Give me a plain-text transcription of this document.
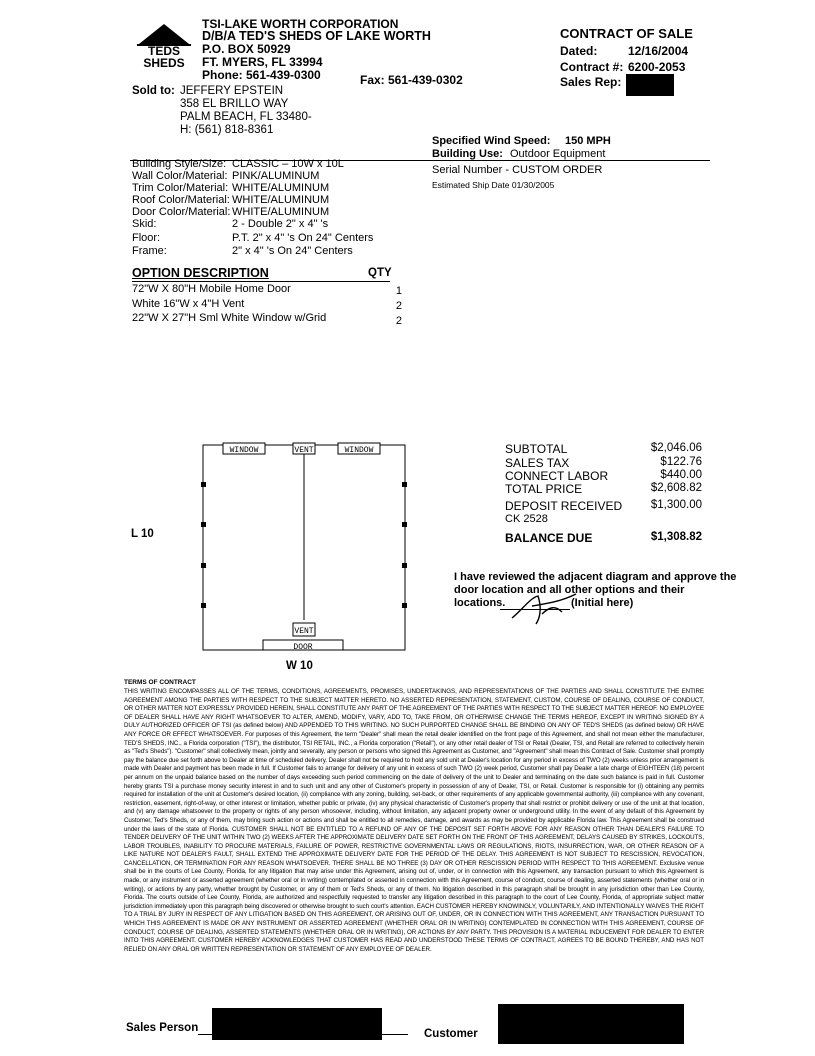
TEDS
SHEDS
TSI-LAKE WORTH CORPORATION
D/B/A TED'S SHEDS OF LAKE WORTH
P.O. BOX 50929
FT. MYERS, FL 33994
Phone: 561-439-0300	Fax: 561-439-0302
CONTRACT OF SALE
Dated:	12/16/2004
Contract #: 6200-2053
Sales Rep:
Sold to: JEFFERY EPSTEIN
358 EL BRILLO WAY
PALM BEACH, FL 33480-
H: (561) 818-8361
Specified Wind Speed: 150 MPH
Building Use: Outdoor Equipment
Building Style/Size: CLASSIC – 10W x 10L
Wall Color/Material: PINK/ALUMINUM
Trim Color/Material: WHITE/ALUMINUM
Roof Color/Material: WHITE/ALUMINUM
Door Color/Material: WHITE/ALUMINUM
Skid:	2 - Double 2" x 4" 's
Floor:	P.T. 2" x 4" 's On 24" Centers
Frame:	2" x 4" 's On 24" Centers
Serial Number - CUSTOM ORDER
Estimated Ship Date 01/30/2005
OPTION DESCRIPTION	QTY
72"W X 80"H Mobile Home Door	1
White 16"W x 4"H Vent	2
22"W X 27"H Sml White Window w/Grid	2
WINDOW	WINDOW
VENT
VENT
DOOR
L 10
W 10
SUBTOTAL	$2,046.06
SALES TAX	$122.76
CONNECT LABOR	$440.00
TOTAL PRICE	$2,608.82
DEPOSIT RECEIVED	$1,300.00
CK 2528
BALANCE DUE	$1,308.82
I have reviewed the adjacent diagram and approve the
door location and all other options and their
locations.	(Initial here)
TERMS OF CONTRACT
THIS WRITING ENCOMPASSES ALL OF THE TERMS, CONDITIONS, AGREEMENTS, PROMISES, UNDERTAKINGS, AND REPRESENTATIONS OF THE PARTIES AND SHALL CONSTITUTE THE ENTIRE AGREEMENT AMONG THE PARTIES WITH RESPECT TO THE SUBJECT MATTER HERETO. NO ASSERTED REPRESENTATION, STATEMENT, CUSTOM, COURSE OF DEALING, COURSE OF CONDUCT, OR OTHER MATTER NOT EXPRESSLY PROVIDED HEREIN, SHALL CONSTITUTE ANY PART OF THE AGREEMENT OF THE PARTIES WITH RESPECT TO THE SUBJECT MATTER HEREOF. NO EMPLOYEE OF DEALER SHALL HAVE ANY RIGHT WHATSOEVER TO ALTER, AMEND, MODIFY, VARY, ADD TO, TAKE FROM, OR OTHERWISE CHANGE THE TERMS HEREOF, EXCEPT IN WRITING SIGNED BY A DULY AUTHORIZED OFFICER OF TSI (as defined below) AND APPENDED TO THIS WRITING. NO SUCH PURPORTED CHANGE SHALL BE BINDING ON ANY OF TED'S SHEDS (as defined below) OR HAVE ANY FORCE OR EFFECT WHATSOEVER. For purposes of this Agreement, the term "Dealer" shall mean the retail dealer identified on the front page of this Agreement, and shall not mean either the manufacturer, TED'S SHEDS, INC., a Florida corporation ("TSI"), the distributor, TSI RETAIL, INC., a Florida corporation ("Retail"), or any other retail dealer of TSI or Retail (Dealer, TSI, and Retail are referred to collectively herein as "Ted's Sheds"). "Customer" shall collectively mean, jointly and severally, any person or persons who signed this Agreement as Customer, and "Agreement" shall mean this Contract of Sale. Customer shall promptly pay the balance due set forth above to Dealer at time of scheduled delivery. Dealer shall not be required to hold any sold unit at Dealer's location for any period in excess of TWO (2) weeks unless prior arrangement is made with Dealer and payment has been made in full. If Customer fails to arrange for delivery of any unit in excess of such TWO (2) week period, Customer shall pay Dealer a late charge of EIGHTEEN (18) percent per annum on the unpaid balance based on the number of days exceeding such period commencing on the date of delivery of the unit to Dealer and terminating on the date such balance is paid in full. Customer hereby grants TSI a purchase money security interest in and to such unit and any other of Customer's property in possession of any of Dealer, TSI, or Retail. Customer is responsible for (i) obtaining any permits required for installation of the unit at Customer's desired location, (ii) compliance with any zoning, building, set-back, or other requirements of any applicable governmental authority, (iii) compliance with any covenant, restriction, easement, right-of-way, or other interest or limitation, whether public or private, (iv) any physical characteristic of Customer's property that shall restrict or prohibit delivery or use of the unit at that location, and (v) any damage whatsoever to the property or rights of any person whosoever, including, without limitation, any adjacent property owner or underground utility. In the event of any default of this Agreement by Customer, Ted's Sheds, or any of them, may bring such action or actions and shall be entitled to all remedies, damage, and awards as may be provided by applicable Florida law. This Agreement shall be construed under the laws of the state of Florida. CUSTOMER SHALL NOT BE ENTITLED TO A REFUND OF ANY OF THE DEPOSIT SET FORTH ABOVE FOR ANY REASON OTHER THAN DEALER'S FAILURE TO TENDER DELIVERY OF THE UNIT WITHIN TWO (2) WEEKS AFTER THE APPROXIMATE DELIVERY DATE SET FORTH ON THE FRONT OF THIS AGREEMENT, DELAYS CAUSED BY STRIKES, LOCKOUTS, LABOR TROUBLES, INABILITY TO PROCURE MATERIALS, FAILURE OF POWER, RESTRICTIVE GOVERNMENTAL LAWS OR REGULATIONS, RIOTS, INSURRECTION, WAR, OR OTHER REASON OF A LIKE NATURE NOT DEALER'S FAULT, SHALL EXTEND THE APPROXIMATE DELIVERY DATE FOR THE PERIOD OF THE DELAY. THIS AGREEMENT IS NOT SUBJECT TO RESCISSION, REVOCATION, CANCELLATION, OR TERMINATION FOR ANY REASON WHATSOEVER. THERE SHALL BE NO THREE (3) DAY OR OTHER RESCISSION PERIOD WITH RESPECT TO THIS AGREEMENT. Exclusive venue shall be in the courts of Lee County, Florida, for any litigation that may arise under this Agreement, arising out of, under, or in connection with this Agreement, any transaction pursuant to which this Agreement is made, or any instrument or asserted agreement (whether oral or in writing) contemplated or asserted in connection with this Agreement, course of conduct, course of dealing, asserted statements (whether oral or in writing), or actions by any party, whether brought by Customer, or any of them or Ted's Sheds, or any of them. No litigation described in this paragraph shall be brought in any jurisdiction other than Lee County, Florida. The courts outside of Lee County, Florida, are authorized and respectfully requested to transfer any litigation described in this paragraph to the court of Lee County, Florida, of appropriate subject matter jurisdiction immediately upon this paragraph being discovered or otherwise brought to such court's attention. EACH CUSTOMER HEREBY KNOWINGLY, VOLUNTARILY, AND INTENTIONALLY WAIVES THE RIGHT TO A TRIAL BY JURY IN RESPECT OF ANY LITIGATION BASED ON THIS AGREEMENT, OR ARISING OUT OF, UNDER, OR IN CONNECTION WITH THIS AGREEMENT, ANY TRANSACTION PURSUANT TO WHICH THIS AGREEMENT IS MADE OR ANY INSTRUMENT OR ASSERTED AGREEMENT (WHETHER ORAL OR IN WRITING) CONTEMPLATED IN CONNECTION WITH THIS AGREEMENT, COURSE OF CONDUCT, COURSE OF DEALING, ASSERTED STATEMENTS (WHETHER ORAL OR IN WRITING), OR ACTIONS BY ANY PARTY. THIS PROVISION IS A MATERIAL INDUCEMENT FOR DEALER TO ENTER INTO THIS AGREEMENT. CUSTOMER HEREBY ACKNOWLEDGES THAT CUSTOMER HAS READ AND UNDERSTOOD THESE TERMS OF CONTRACT, AGREES TO BE BOUND THEREBY, AND HAS NOT RELIED ON ANY ORAL OR WRITTEN REPRESENTATION OR STATEMENT OF ANY EMPLOYEE OF DEALER.
Sales Person	Customer
